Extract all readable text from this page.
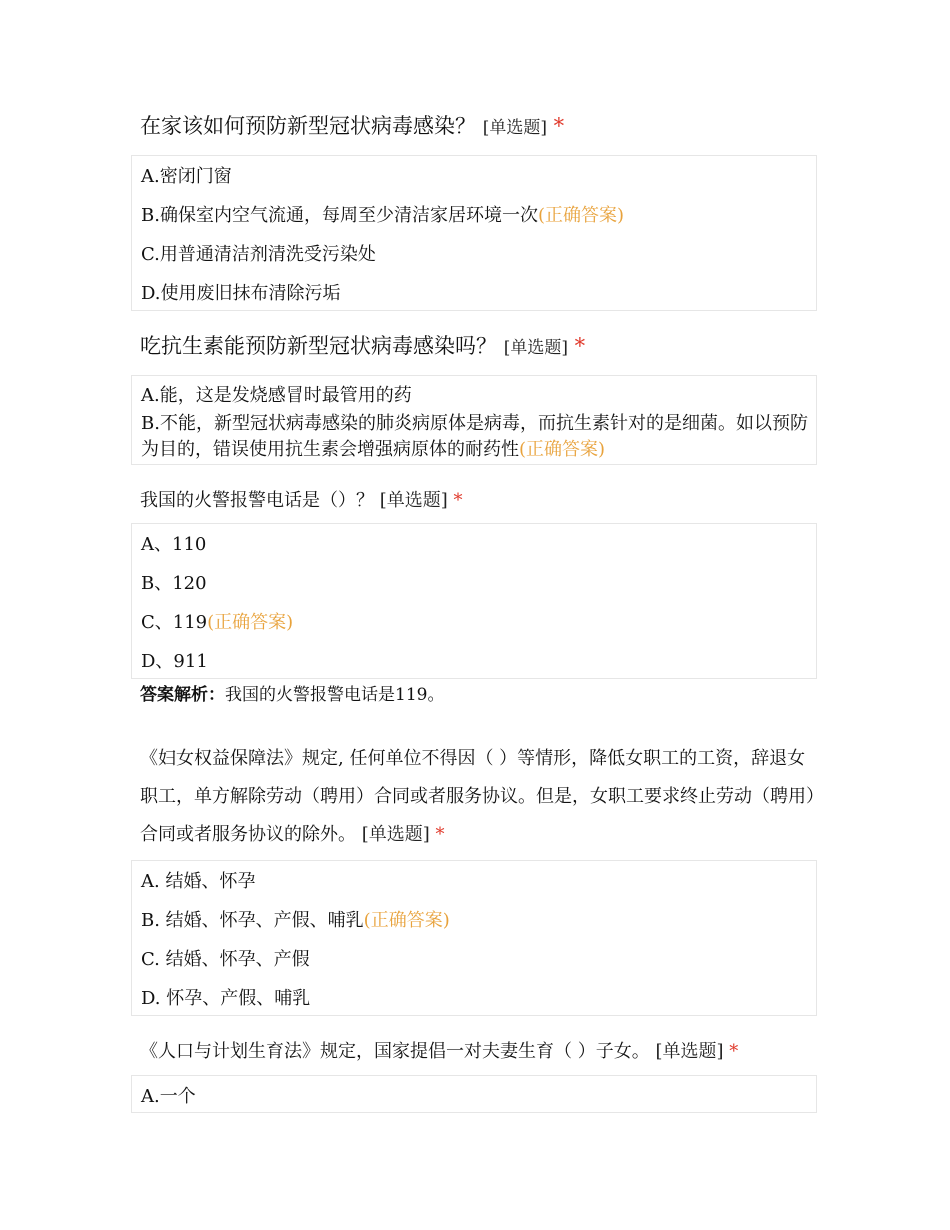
在家该如何预防新型冠状病毒感染？ [单选题] *
A.密闭门窗
B.确保室内空气流通，每周至少清洁家居环境一次(正确答案)
C.用普通清洁剂清洗受污染处
D.使用废旧抹布清除污垢
吃抗生素能预防新型冠状病毒感染吗？ [单选题] *
A.能，这是发烧感冒时最管用的药
B.不能，新型冠状病毒感染的肺炎病原体是病毒，而抗生素针对的是细菌。如以预防为目的，错误使用抗生素会增强病原体的耐药性(正确答案)
我国的火警报警电话是（）？ [单选题] *
A、110
B、120
C、119(正确答案)
D、911
答案解析：我国的火警报警电话是119。

《妇女权益保障法》规定, 任何单位不得因（ ）等情形，降低女职工的工资，辞退女职工，单方解除劳动（聘用）合同或者服务协议。但是，女职工要求终止劳动（聘用）合同或者服务协议的除外。 [单选题] *

A. 结婚、怀孕
B. 结婚、怀孕、产假、哺乳(正确答案)
C. 结婚、怀孕、产假
D. 怀孕、产假、哺乳
《人口与计划生育法》规定，国家提倡一对夫妻生育（ ）子女。 [单选题] *
A.一个
